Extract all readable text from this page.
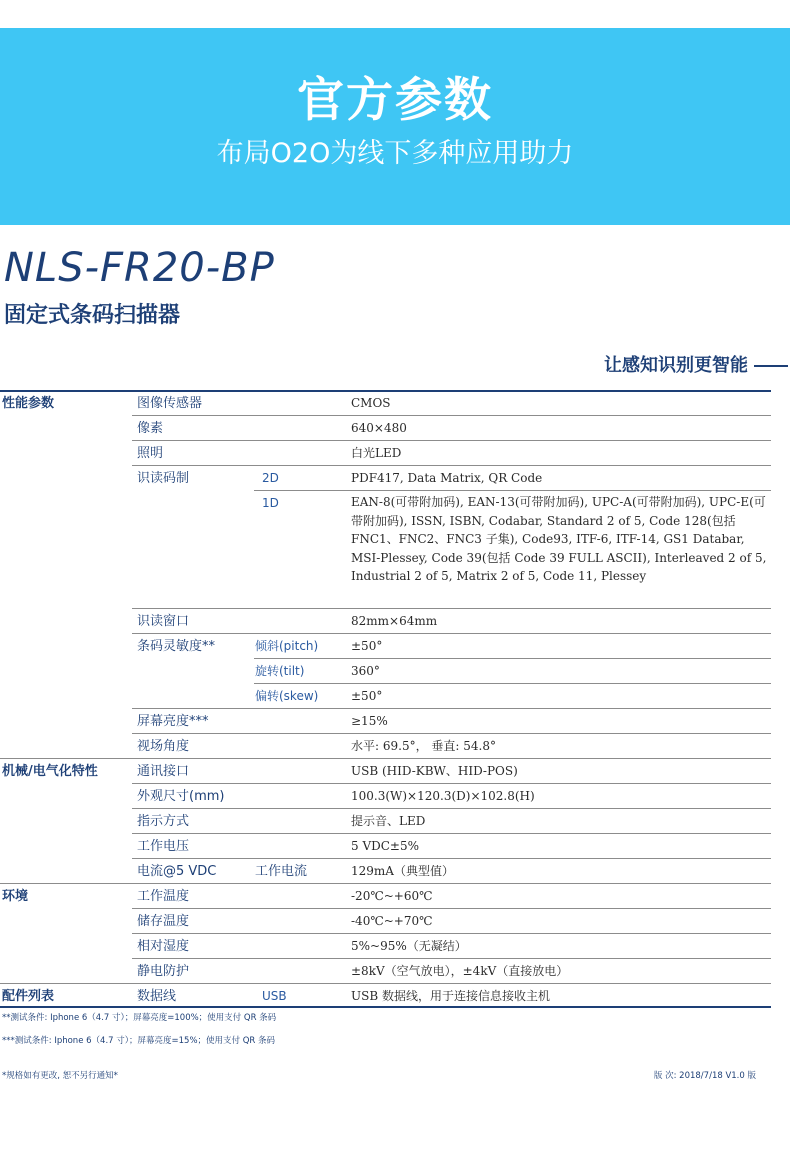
官方参数
布局O2O为线下多种应用助力
NLS-FR20-BP
固定式条码扫描器
让感知识别更智能
性能参数
机械/电气化特性
环境
配件列表
图像传感器
像素
照明
识读码制
识读窗口
条码灵敏度**
屏幕亮度***
视场角度
通讯接口
外观尺寸(mm)
指示方式
工作电压
电流@5 VDC
工作温度
储存温度
相对湿度
静电防护
数据线
2D
1D
倾斜(pitch)
旋转(tilt)
偏转(skew)
工作电流
USB
CMOS
640×480
白光LED
PDF417, Data Matrix, QR Code
EAN-8(可带附加码), EAN-13(可带附加码), UPC-A(可带附加码), UPC-E(可带附加码), ISSN, ISBN, Codabar, Standard 2 of 5, Code 128(包括 FNC1、FNC2、FNC3 子集), Code93, ITF-6, ITF-14, GS1 Databar, MSI-Plessey, Code 39(包括 Code 39 FULL ASCII), Interleaved 2 of 5, Industrial 2 of 5, Matrix 2 of 5, Code 11, Plessey
82mm×64mm
±50°
360°
±50°
≥15%
水平: 69.5°， 垂直: 54.8°
USB (HID-KBW、HID-POS)
100.3(W)×120.3(D)×102.8(H)
提示音、LED
5 VDC±5%
129mA（典型值）
-20℃~+60℃
-40℃~+70℃
5%~95%（无凝结）
±8kV（空气放电），±4kV（直接放电）
USB 数据线，用于连接信息接收主机
**测试条件: Iphone 6（4.7 寸）；屏幕亮度=100%；使用支付 QR 条码
***测试条件: Iphone 6（4.7 寸）；屏幕亮度=15%；使用支付 QR 条码
*规格如有更改, 恕不另行通知*	版 次: 2018/7/18 V1.0 版
